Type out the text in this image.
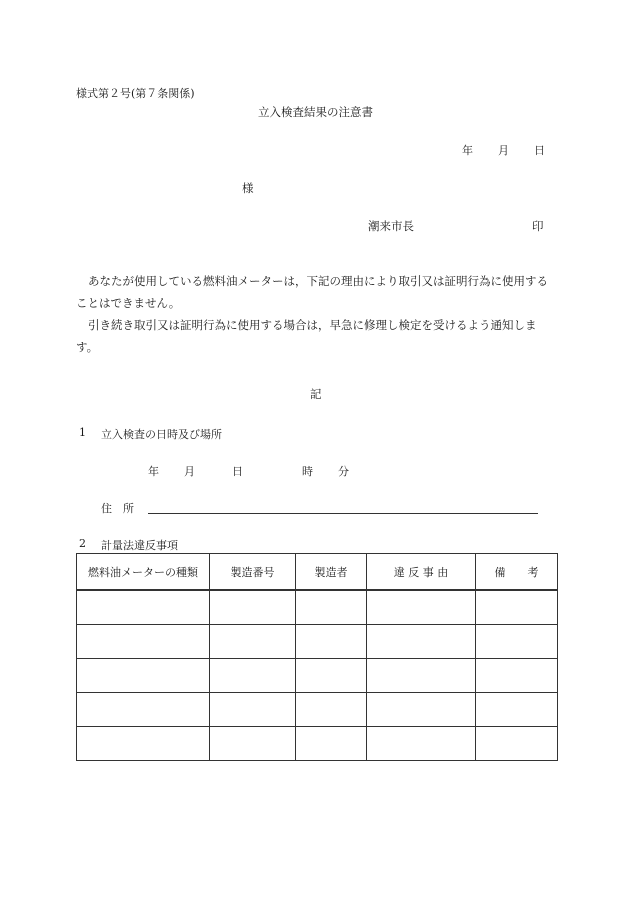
様式第２号(第７条関係)
立入検査結果の注意書
年 月 日
様
潮来市長	印
あなたが使用している燃料油メーターは，下記の理由により取引又は証明行為に使用することはできません。
引き続き取引又は証明行為に使用する場合は，早急に修理し検定を受けるよう通知します。
記
1 立入検査の日時及び場所
年 月	日	時 分
住　所
2 計量法違反事項
燃料油メーターの種類	製造番号	製造者	違 反 事 由	備　　考
